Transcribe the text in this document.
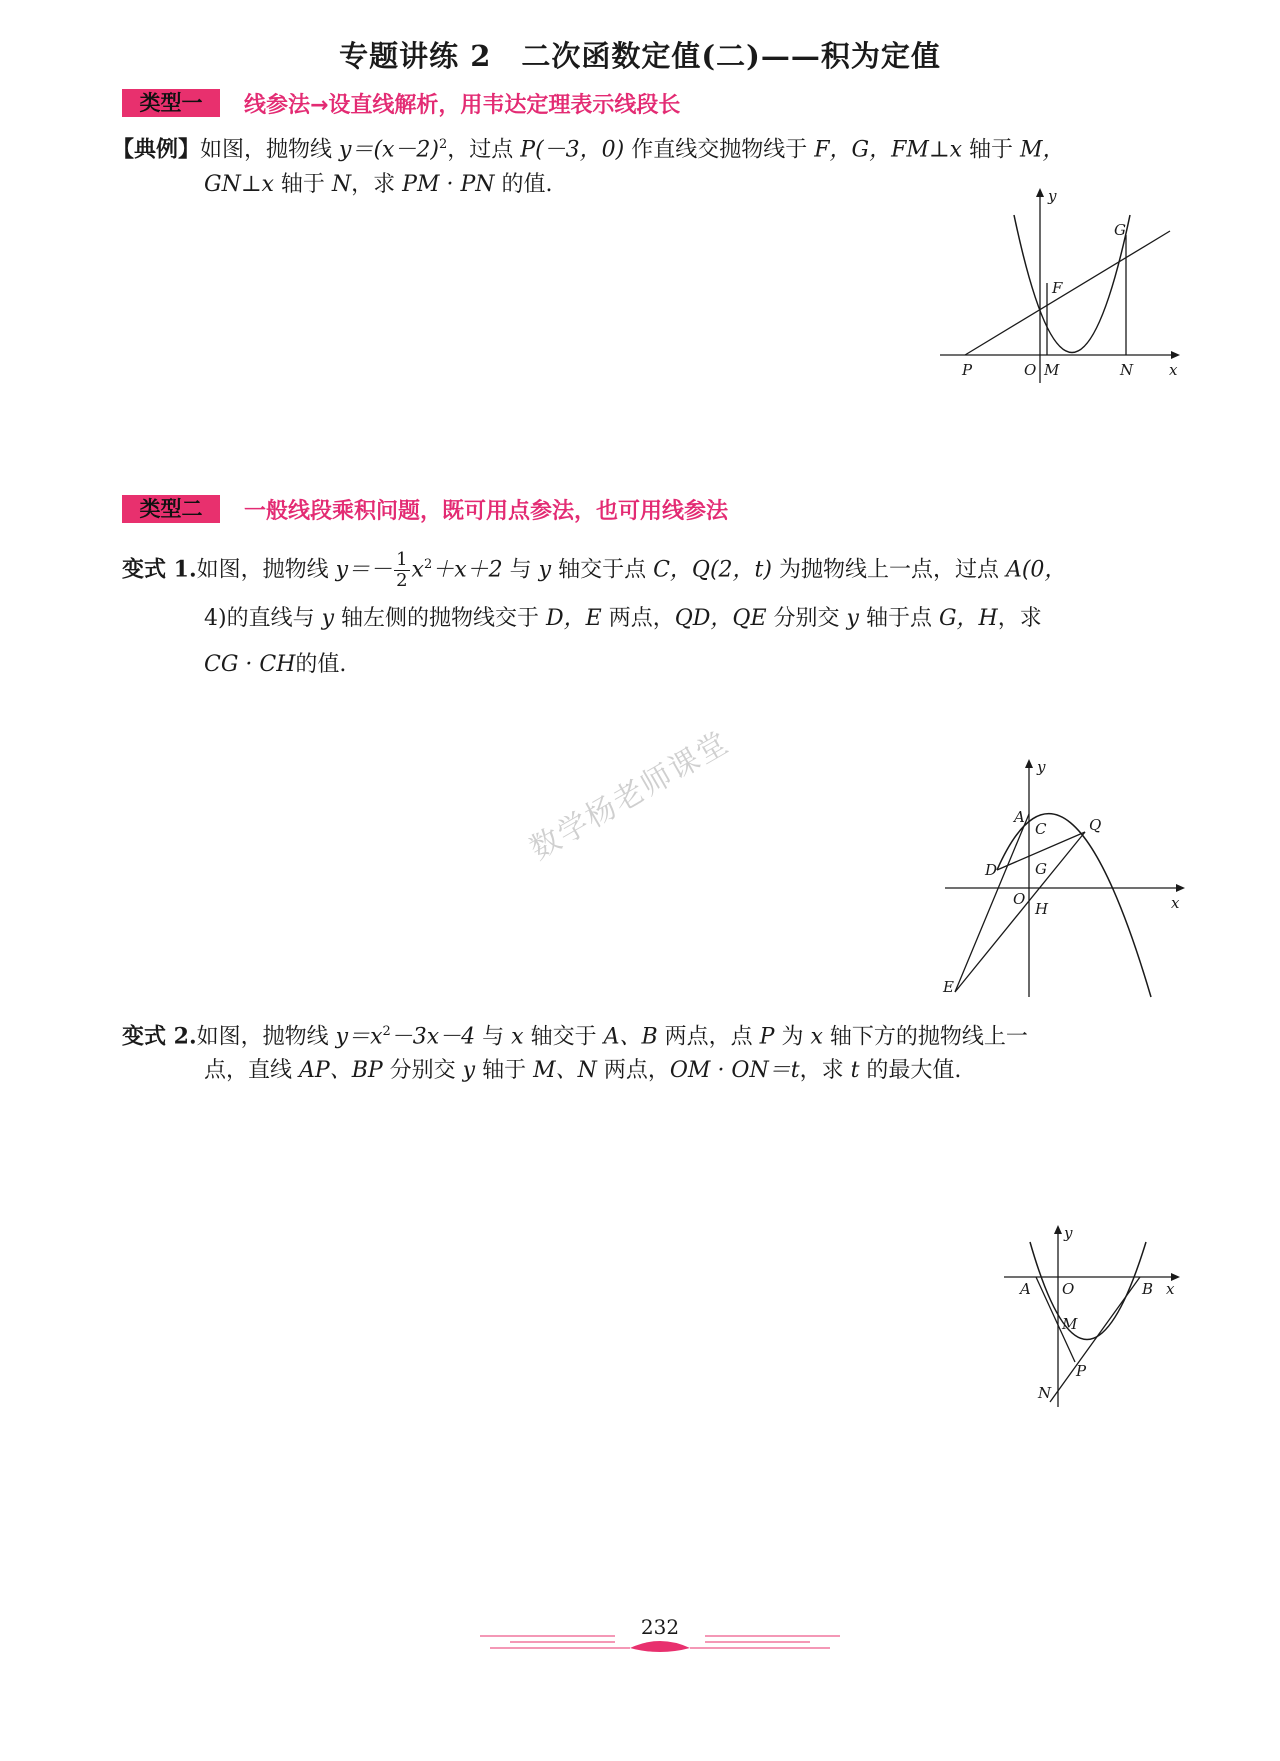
专题讲练 2　二次函数定值(二)——积为定值
类型一	线参法→设直线解析，用韦达定理表示线段长
【典例】如图，抛物线 $y=(x-2)^2$，过点 P(－3，0) 作直线交抛物线于 F，G，FM⊥x 轴于 M，
GN⊥x 轴于 N，求 PM · PN 的值.	y
G
F
P	O M	N x
类型二	一般线段乘积问题，既可用点参法，也可用线参法
变式 1.如图，抛物线 $y=- \frac{1}{2} x^2+x+2$ 与 y 轴交于点 C，Q(2，t) 为抛物线上一点，过点 A(0，
4)的直线与 y 轴左侧的抛物线交于 D，E 两点，QD，QE 分别交 y 轴于点 G，H，求
CG · CH的值.
y
A
C	Q
D	G
O
H
E
x
数学杨老师课堂
变式 2.如图，抛物线 $y=x^2-3x-4$ 与 x 轴交于 A、B 两点，点 P 为 x 轴下方的抛物线上一
点，直线 AP、BP 分别交 y 轴于 M、N 两点，OM · ON＝t，求 t 的最大值.
y
A O	B x
M
P
N
232
